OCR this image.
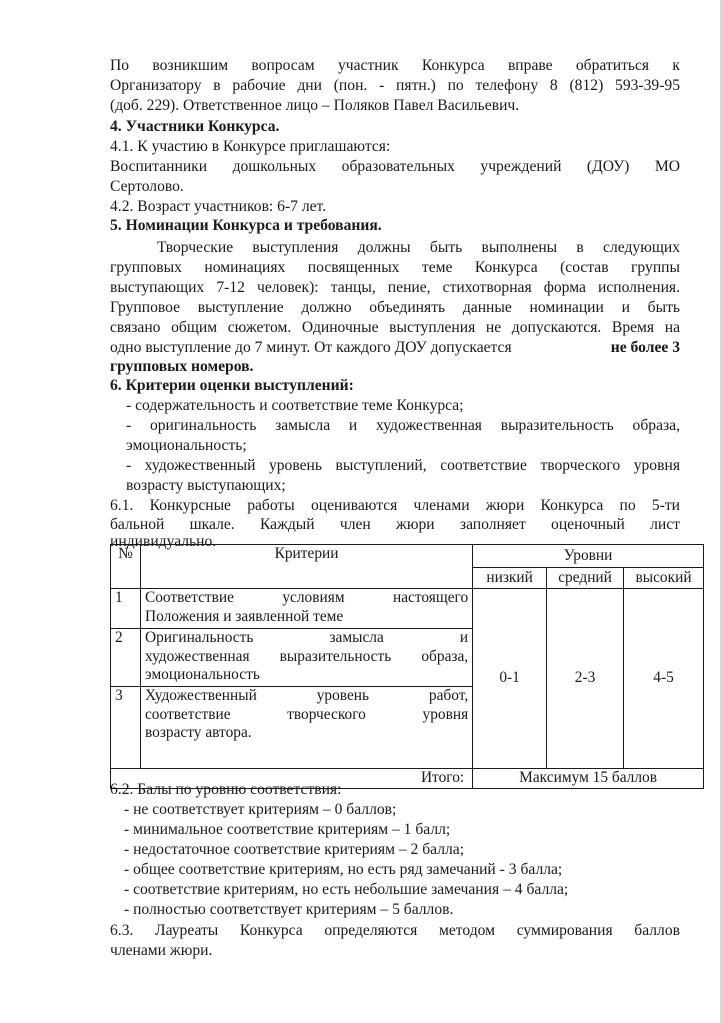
По возникшим вопросам участник Конкурса вправе обратиться к
Организатору в рабочие дни (пон. - пятн.) по телефону 8 (812) 593-39-95
(доб. 229). Ответственное лицо – Поляков Павел Васильевич.
4. Участники Конкурса.
4.1. К участию в Конкурсе приглашаются:
Воспитанники дошкольных образовательных учреждений (ДОУ) МО
Сертолово.
4.2. Возраст участников: 6-7 лет.
5. Номинации Конкурса и требования.
Творческие выступления должны быть выполнены в следующих
групповых номинациях посвященных теме Конкурса (состав группы
выступающих 7-12 человек): танцы, пение, стихотворная форма исполнения.
Групповое выступление должно объединять данные номинации и быть
связано общим сюжетом. Одиночные выступления не допускаются. Время на
одно выступление до 7 минут. От каждого ДОУ допускается	не более 3
групповых номеров.
6. Критерии оценки выступлений:
- содержательность и соответствие теме Конкурса;
- оригинальность замысла и художественная выразительность образа,
эмоциональность;
- художественный уровень выступлений, соответствие творческого уровня
возрасту выступающих;
6.1. Конкурсные работы оцениваются членами жюри Конкурса по 5-ти
бальной шкале. Каждый член жюри заполняет оценочный лист
индивидуально.
№	Критерии	Уровни		
		низкий	средний	высокий
1	Соответствие условиям настоящего
Положения и заявленной теме	0-1	2-3	4-5
2	Оригинальность замысла и
художественная выразительность образа,
эмоциональность			

3	Художественный уровень работ,
соответствие творческого уровня
возрасту автора.			

Итого:		Максимум 15 баллов		
6.2. Балы по уровню соответствия:
- не соответствует критериям – 0 баллов;
- минимальное соответствие критериям – 1 балл;
- недостаточное соответствие критериям – 2 балла;
- общее соответствие критериям, но есть ряд замечаний - 3 балла;
- соответствие критериям, но есть небольшие замечания – 4 балла;
- полностью соответствует критериям – 5 баллов.
6.3. Лауреаты Конкурса определяются методом суммирования баллов
членами жюри.
